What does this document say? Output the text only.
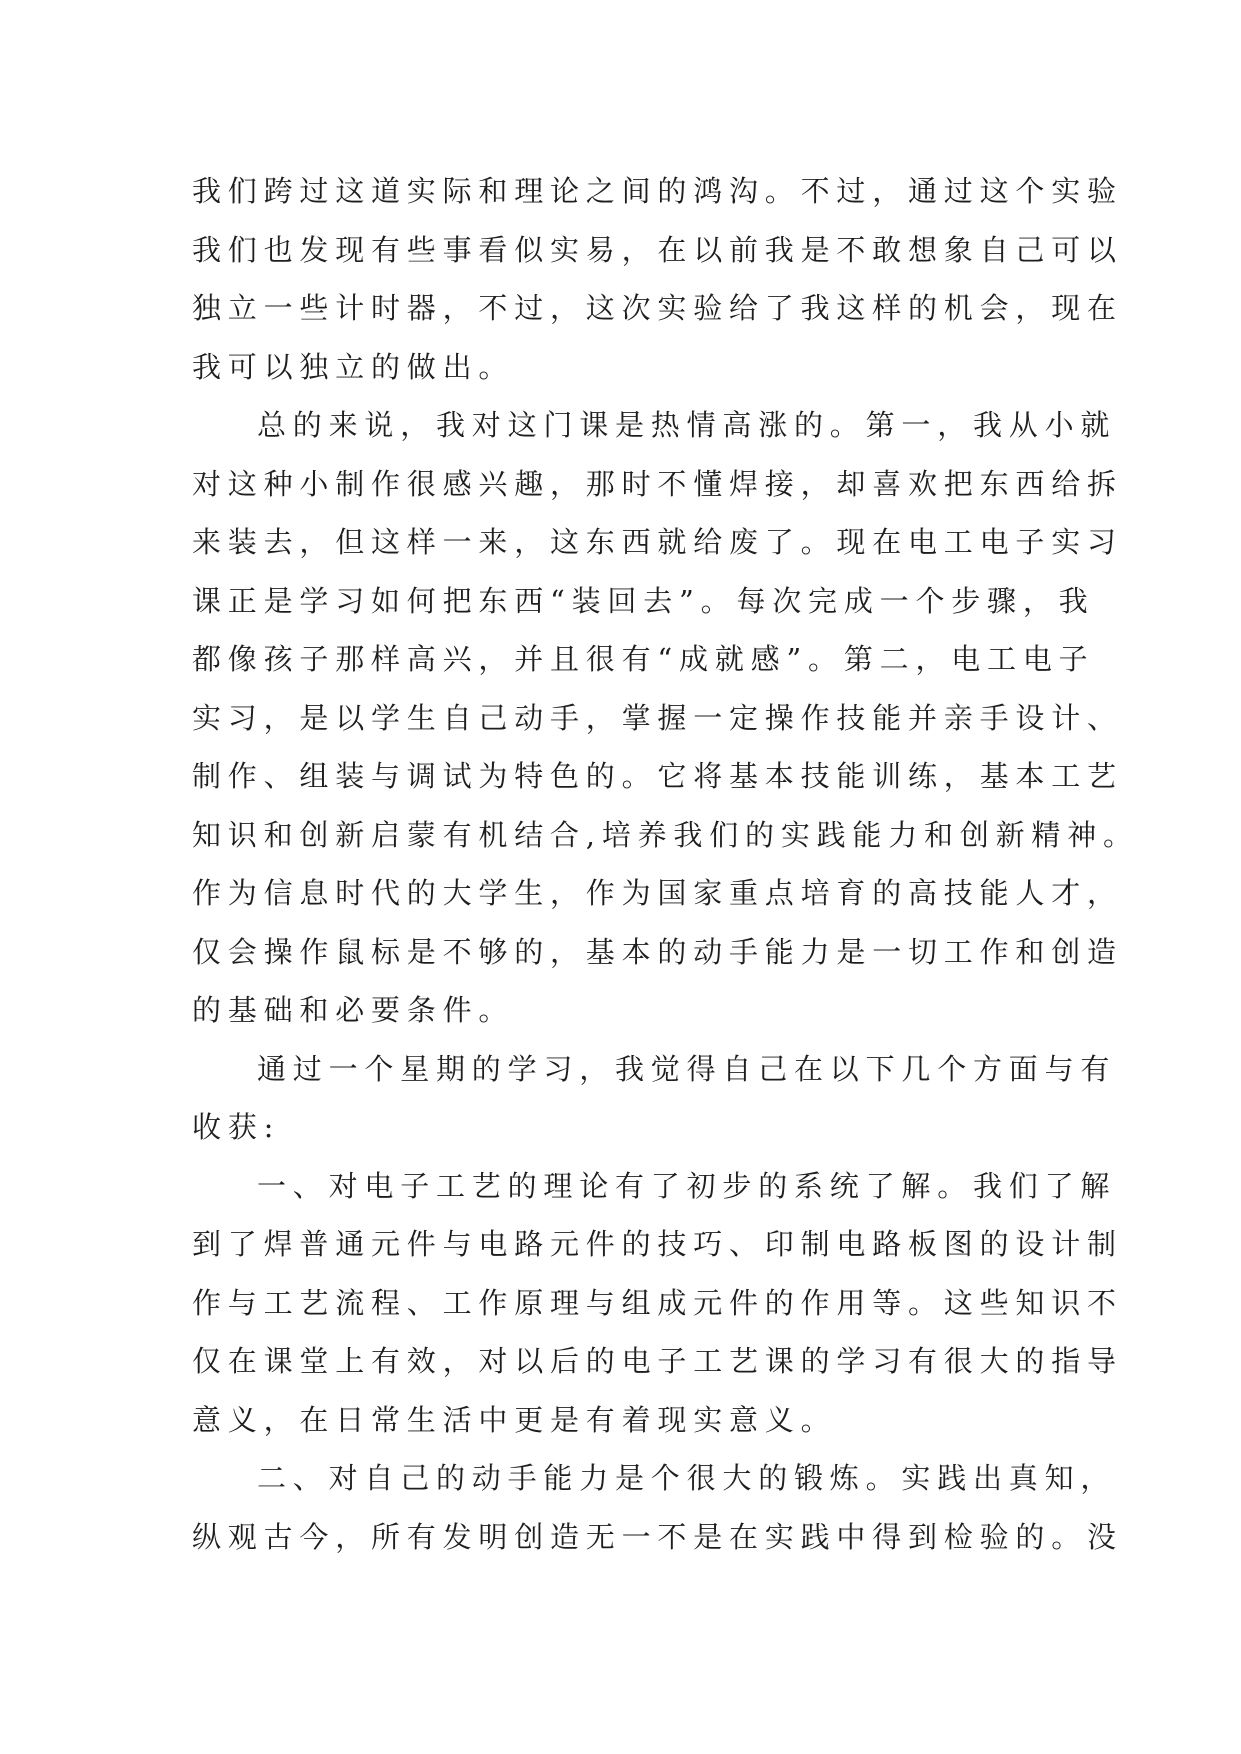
我们跨过这道实际和理论之间的鸿沟。不过，通过这个实验
我们也发现有些事看似实易，在以前我是不敢想象自己可以
独立一些计时器，不过，这次实验给了我这样的机会，现在
我可以独立的做出。
总的来说，我对这门课是热情高涨的。第一，我从小就
对这种小制作很感兴趣，那时不懂焊接，却喜欢把东西给拆
来装去，但这样一来，这东西就给废了。现在电工电子实习
课正是学习如何把东西“装回去”。每次完成一个步骤，我
都像孩子那样高兴，并且很有“成就感”。第二，电工电子
实习，是以学生自己动手，掌握一定操作技能并亲手设计、
制作、组装与调试为特色的。它将基本技能训练，基本工艺
知识和创新启蒙有机结合,培养我们的实践能力和创新精神。
作为信息时代的大学生，作为国家重点培育的高技能人才，
仅会操作鼠标是不够的，基本的动手能力是一切工作和创造
的基础和必要条件。
通过一个星期的学习，我觉得自己在以下几个方面与有
收获:
一、对电子工艺的理论有了初步的系统了解。我们了解
到了焊普通元件与电路元件的技巧、印制电路板图的设计制
作与工艺流程、工作原理与组成元件的作用等。这些知识不
仅在课堂上有效，对以后的电子工艺课的学习有很大的指导
意义，在日常生活中更是有着现实意义。
二、对自己的动手能力是个很大的锻炼。实践出真知，
纵观古今，所有发明创造无一不是在实践中得到检验的。没
